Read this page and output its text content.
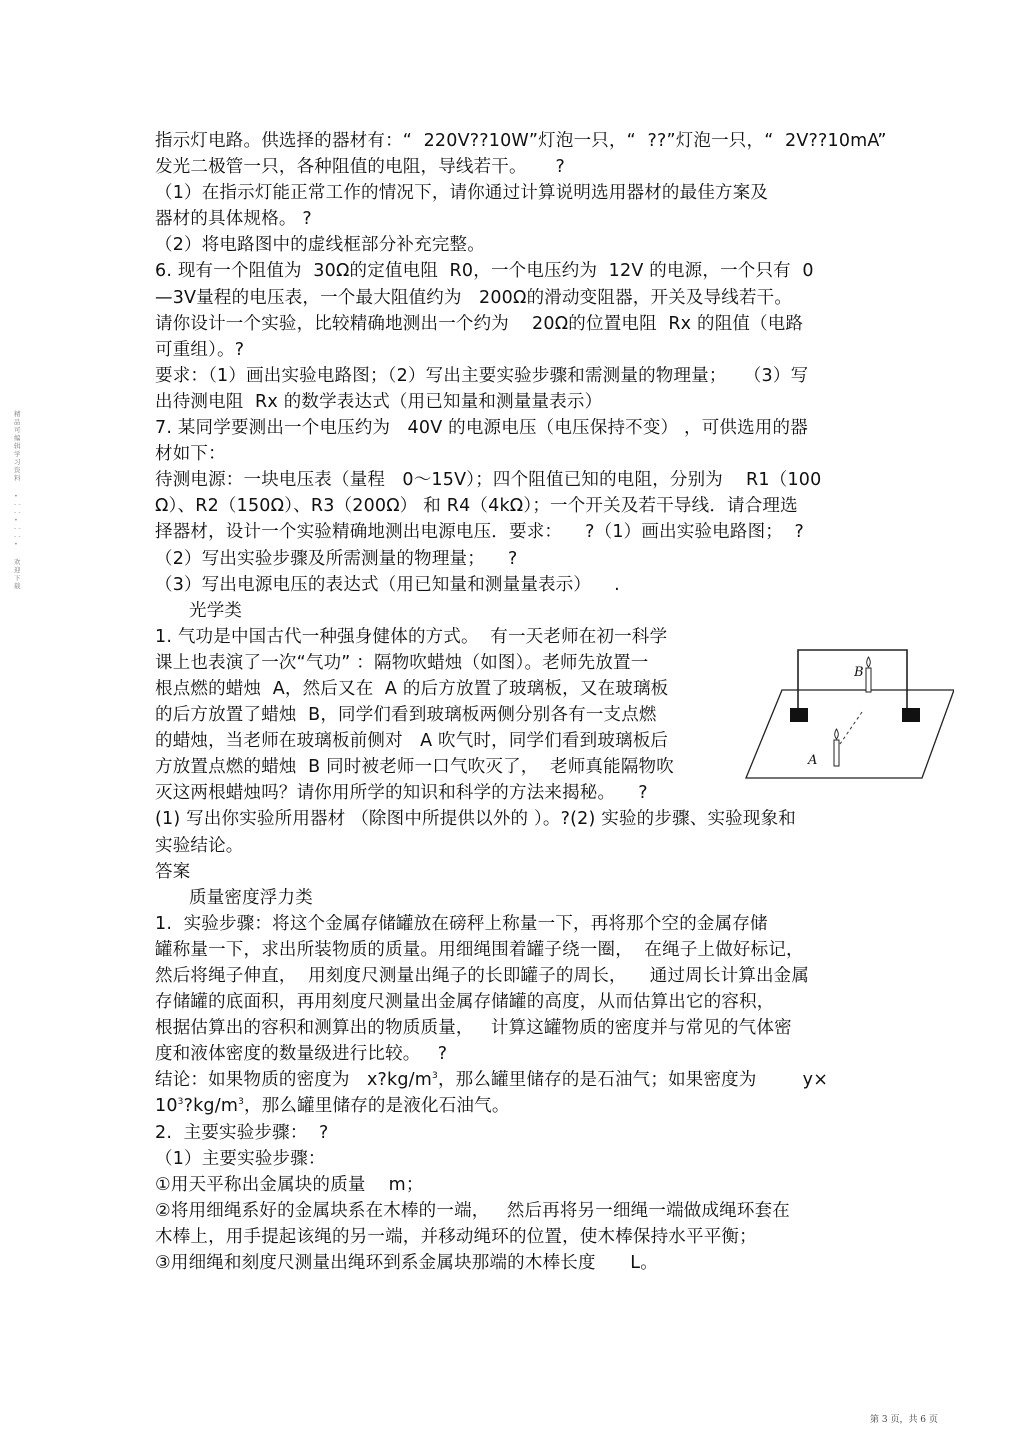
精品可编辑学习资料
• - - - - • - - - - •
欢迎下载
指示灯电路。供选择的器材有：“  220V??10W”灯泡一只，“  ??”灯泡一只，“  2V??10mA”
发光二极管一只，各种阻值的电阻，导线若干。     ?
（1）在指示灯能正常工作的情况下，请你通过计算说明选用器材的最佳方案及
器材的具体规格。 ?
（2）将电路图中的虚线框部分补充完整。
6. 现有一个阻值为  30Ω的定值电阻  R0，一个电压约为  12V 的电源，一个只有  0
—3V量程的电压表，一个最大阻值约为   200Ω的滑动变阻器，开关及导线若干。
请你设计一个实验，比较精确地测出一个约为    20Ω的位置电阻  Rx 的阻值（电路
可重组）。?
要求：（1）画出实验电路图；（2）写出主要实验步骤和需测量的物理量；   （3）写
出待测电阻  Rx 的数学表达式（用已知量和测量量表示）
7. 某同学要测出一个电压约为   40V 的电源电压（电压保持不变） ，可供选用的器
材如下：
待测电源：一块电压表（量程   0～15V）；四个阻值已知的电阻，分别为    R1（100
Ω）、R2（150Ω）、R3（200Ω） 和 R4（4kΩ）；一个开关及若干导线．请合理选
择器材，设计一个实验精确地测出电源电压．要求：    ?（1）画出实验电路图；  ?
（2）写出实验步骤及所需测量的物理量；    ?
（3）写出电源电压的表达式（用已知量和测量量表示）    .
光学类
1. 气功是中国古代一种强身健体的方式。  有一天老师在初一科学
课上也表演了一次“气功” ：隔物吹蜡烛（如图）。老师先放置一
根点燃的蜡烛  A，然后又在  A 的后方放置了玻璃板，又在玻璃板
的后方放置了蜡烛  B，同学们看到玻璃板两侧分别各有一支点燃
的蜡烛，当老师在玻璃板前侧对   A 吹气时，同学们看到玻璃板后
方放置点燃的蜡烛  B 同时被老师一口气吹灭了，  老师真能隔物吹
灭这两根蜡烛吗？请你用所学的知识和科学的方法来揭秘。    ?
(1) 写出你实验所用器材 （除图中所提供以外的 ）。?(2) 实验的步骤、实验现象和
实验结论。
答案
质量密度浮力类
1.  实验步骤：将这个金属存储罐放在磅秤上称量一下，再将那个空的金属存储
罐称量一下，求出所装物质的质量。用细绳围着罐子绕一圈，  在绳子上做好标记，
然后将绳子伸直，  用刻度尺测量出绳子的长即罐子的周长，    通过周长计算出金属
存储罐的底面积，再用刻度尺测量出金属存储罐的高度，从而估算出它的容积，
根据估算出的容积和测算出的物质质量，   计算这罐物质的密度并与常见的气体密
度和液体密度的数量级进行比较。   ?
结论：如果物质的密度为   $x?kg/m^3$，那么罐里储存的是石油气；如果密度为        y×
$10^3?kg/m^3$，那么罐里储存的是液化石油气。
2.  主要实验步骤：  ?
（1）主要实验步骤：
①用天平称出金属块的质量    m；
②将用细绳系好的金属块系在木棒的一端，   然后再将另一细绳一端做成绳环套在
木棒上，用手提起该绳的另一端，并移动绳环的位置，使木棒保持水平平衡；
③用细绳和刻度尺测量出绳环到系金属块那端的木棒长度      L。
B
A
第 3 页，共 6 页
